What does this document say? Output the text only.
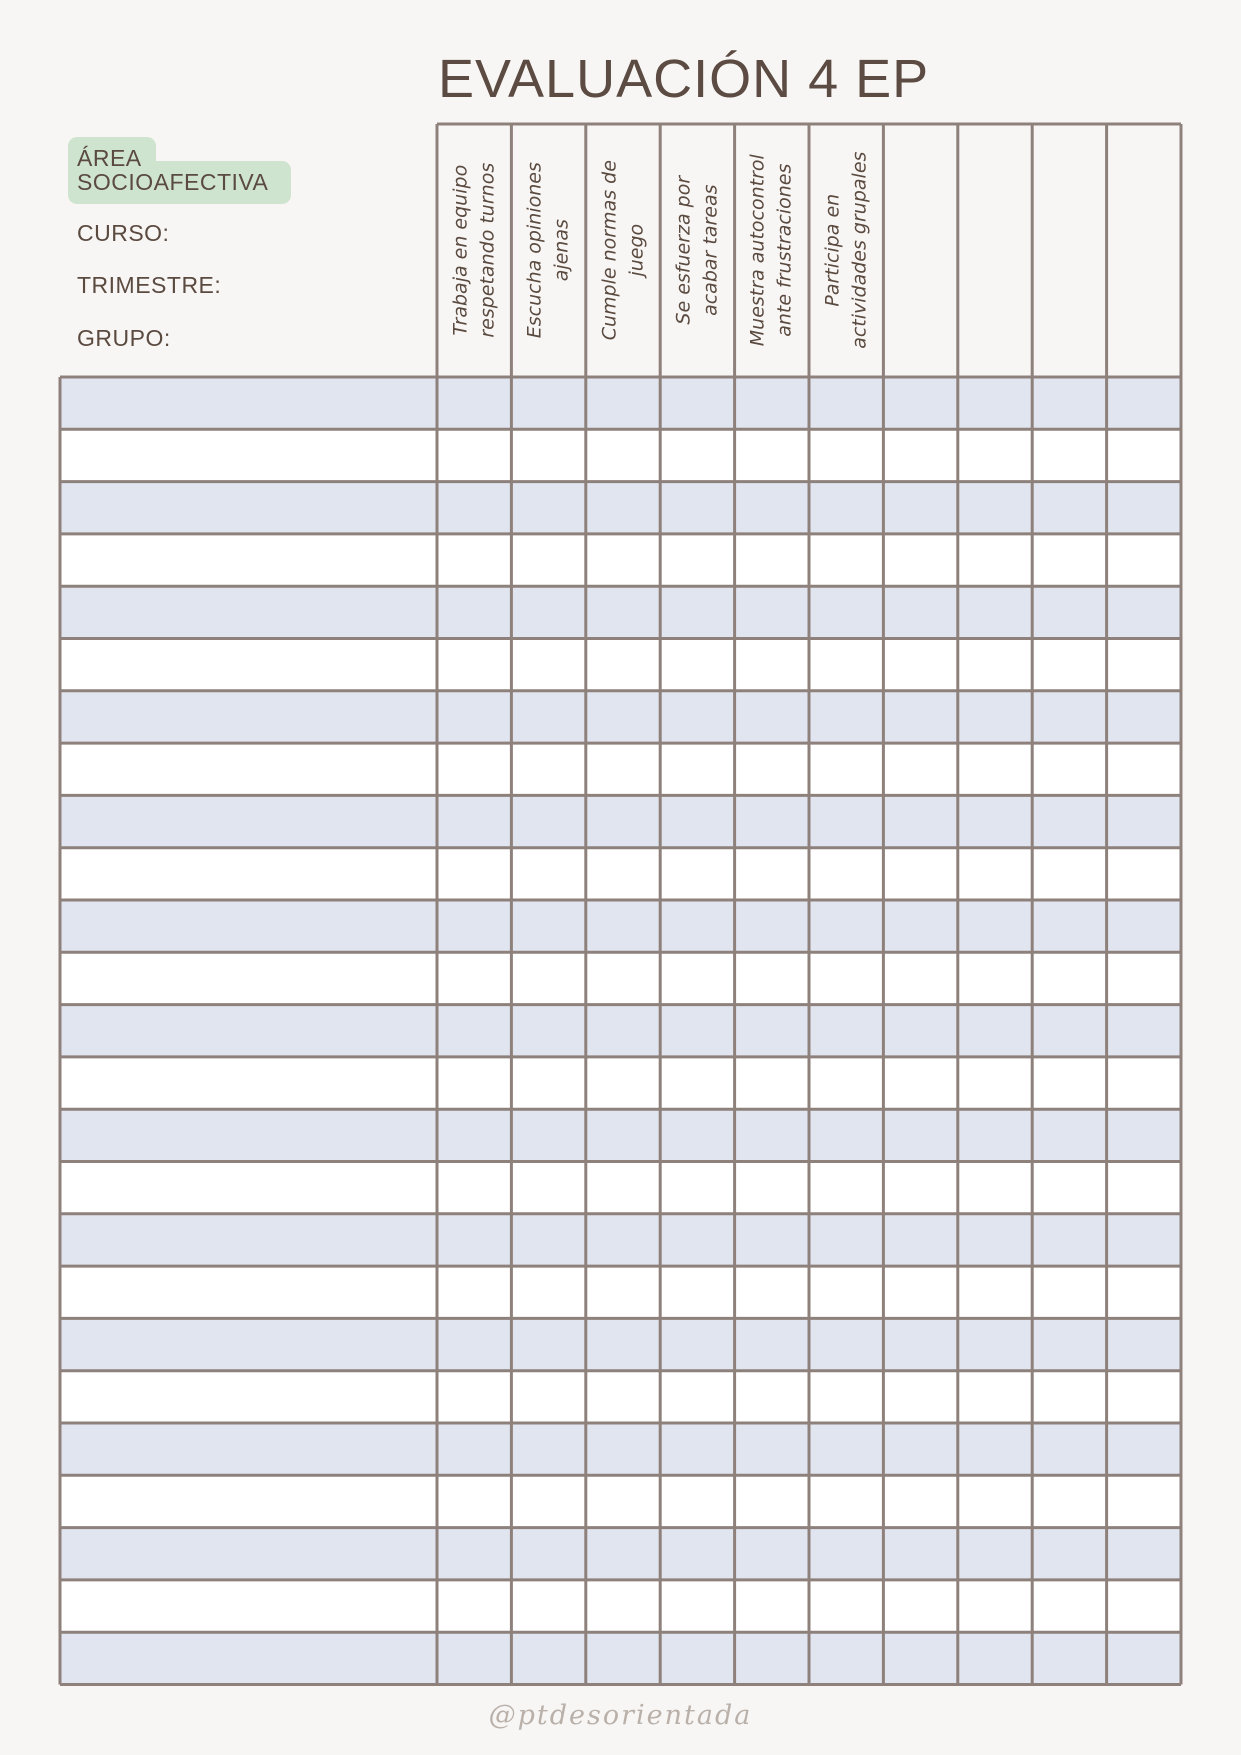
EVALUACIÓN 4 EP
ÁREA
SOCIOAFECTIVA
CURSO:
TRIMESTRE:
GRUPO:
Trabaja en equipo respetando turnos Escucha opiniones ajenas Cumple normas de juego Se esfuerza por acabar tareas Muestra autocontrol ante frustraciones Participa en actividades grupales
@ptdesorientada
